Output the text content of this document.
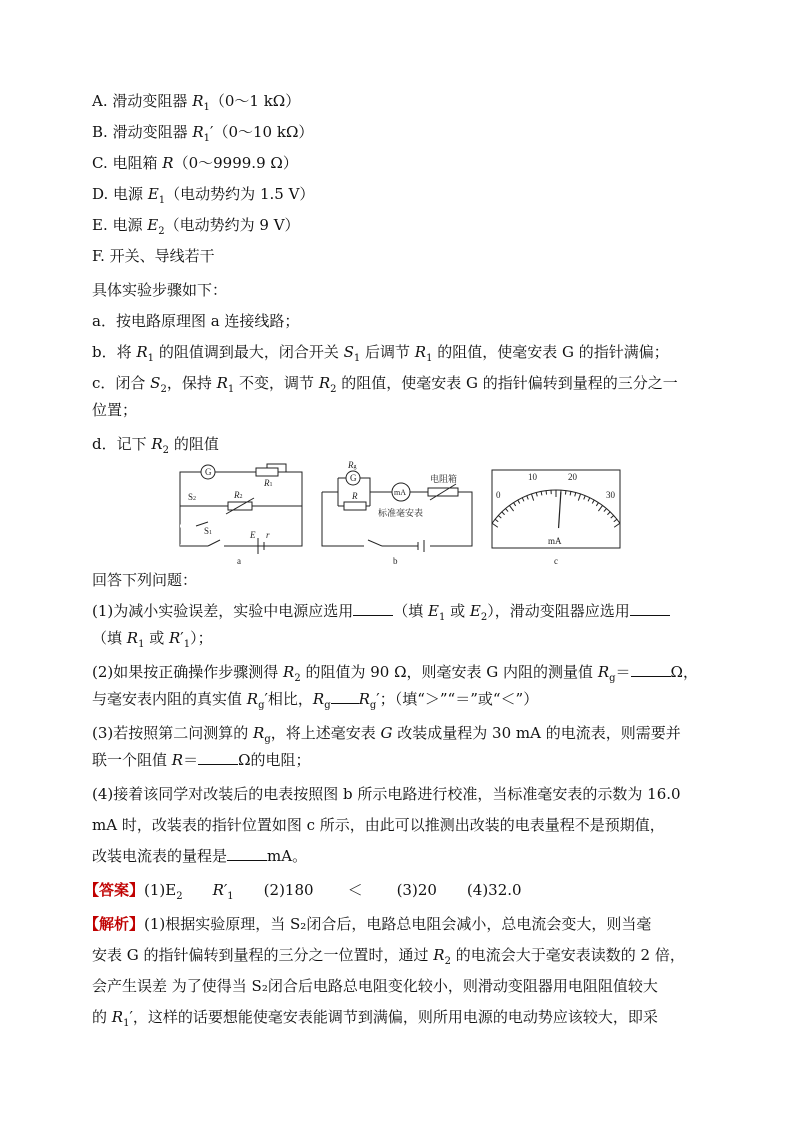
A. 滑动变阻器 $R_1(0\sim 1$ kΩ）
B. 滑动变阻器 $R_1'(0\sim 10$ kΩ）
C. 电阻箱 R（0～9999.9 Ω）
D. 电源 $E_1$（电动势约为 1.5 V）
E. 电源 $E_2$（电动势约为 9 V）
F. 开关、导线若干
具体实验步骤如下：
a．按电路原理图 a 连接线路；
b．将 $R_1$ 的阻值调到最大，闭合开关 $S_1$ 后调节 $R_1$ 的阻值，使毫安表 G 的指针满偏；
c．闭合 $S_2$，保持 $R_1$ 不变，调节 $R_2$ 的阻值，使毫安表 G 的指针偏转到量程的三分之一
位置；
d．记下 $R_2$ 的阻值
G
R1
S2	R2
S1	E r
a
Rg
G
R	mA
电阻箱
标准毫安表
b
0
10	20
30
mA
c
回答下列问题：
(1)为减小实验误差，实验中电源应选用	（填 $E_1$ 或 $E_2$），滑动变阻器应选用
（填 $R_1$ 或 $R'_1$）；
(2)如果按正确操作步骤测得 $R_2$ 的阻值为 90 Ω，则毫安表 G 内阻的测量值 $R_g=$	Ω，
与毫安表内阻的真实值 $R_g'$相比，$R_g$ $R_g'$；（填“＞”“＝”或“＜”）
(3)若按照第二问测算的 $R_g$，将上述毫安表 G 改装成量程为 30 mA 的电流表，则需要并
联一个阻值 R＝	Ω的电阻；
(4)接着该同学对改装后的电表按照图 b 所示电路进行校准，当标准毫安表的示数为 16.0
mA 时，改装表的指针位置如图 c 所示，由此可以推测出改装的电表量程不是预期值，
改装电流表的量程是	mA。
【答案】$(1)E_2$ $R'_1$ (2)180 ＜ (3)20 (4)32.0
【解析】(1)根据实验原理，当 S₂闭合后，电路总电阻会减小，总电流会变大，则当毫
安表 G 的指针偏转到量程的三分之一位置时，通过 $R_2$ 的电流会大于毫安表读数的 2 倍，
会产生误差 为了使得当 S₂闭合后电路总电阻变化较小，则滑动变阻器用电阻阻值较大
的 $R_1'$，这样的话要想能使毫安表能调节到满偏，则所用电源的电动势应该较大，即采
